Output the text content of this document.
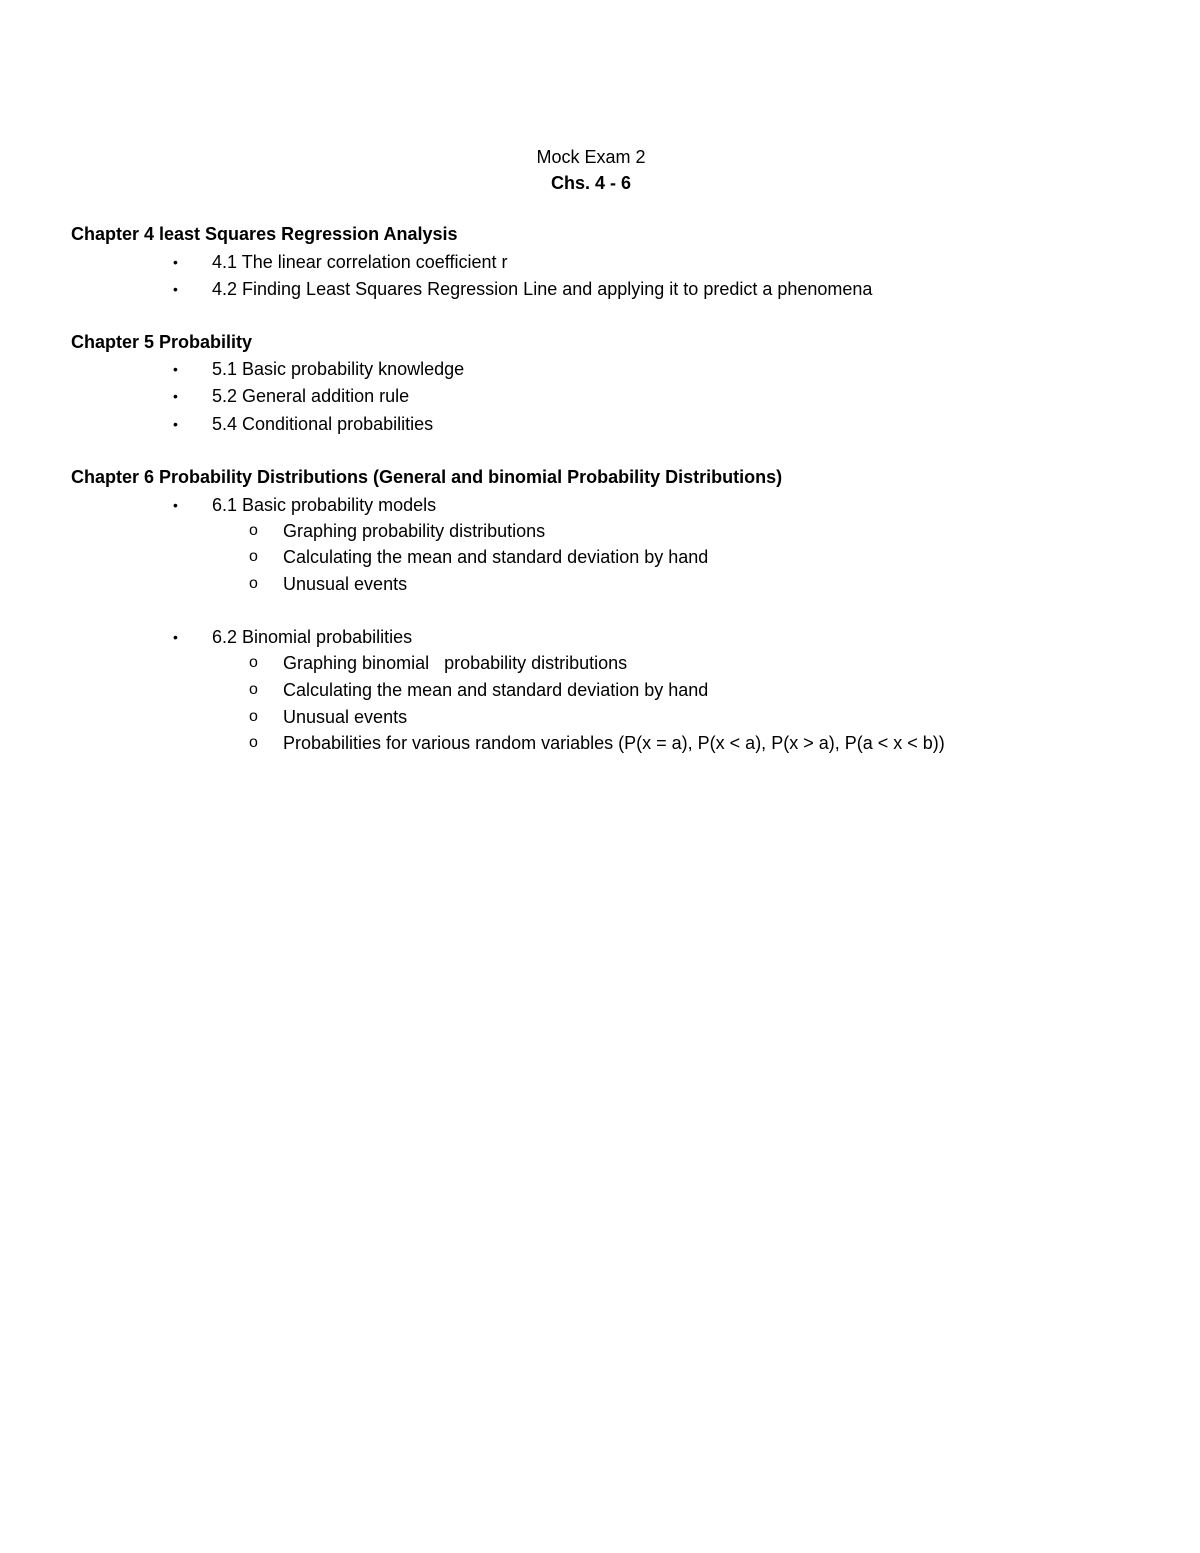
Mock Exam 2
Chs. 4 - 6
Chapter 4 least Squares Regression Analysis
• 4.1 The linear correlation coefficient r
• 4.2 Finding Least Squares Regression Line and applying it to predict a phenomena
Chapter 5 Probability
• 5.1 Basic probability knowledge
• 5.2 General addition rule
• 5.4 Conditional probabilities
Chapter 6 Probability Distributions (General and binomial Probability Distributions)
• 6.1 Basic probability models
o Graphing probability distributions
o Calculating the mean and standard deviation by hand
o Unusual events
• 6.2 Binomial probabilities
o Graphing binomial   probability distributions
o Calculating the mean and standard deviation by hand
o Unusual events
o Probabilities for various random variables (P(x = a), P(x < a), P(x > a), P(a < x < b))
